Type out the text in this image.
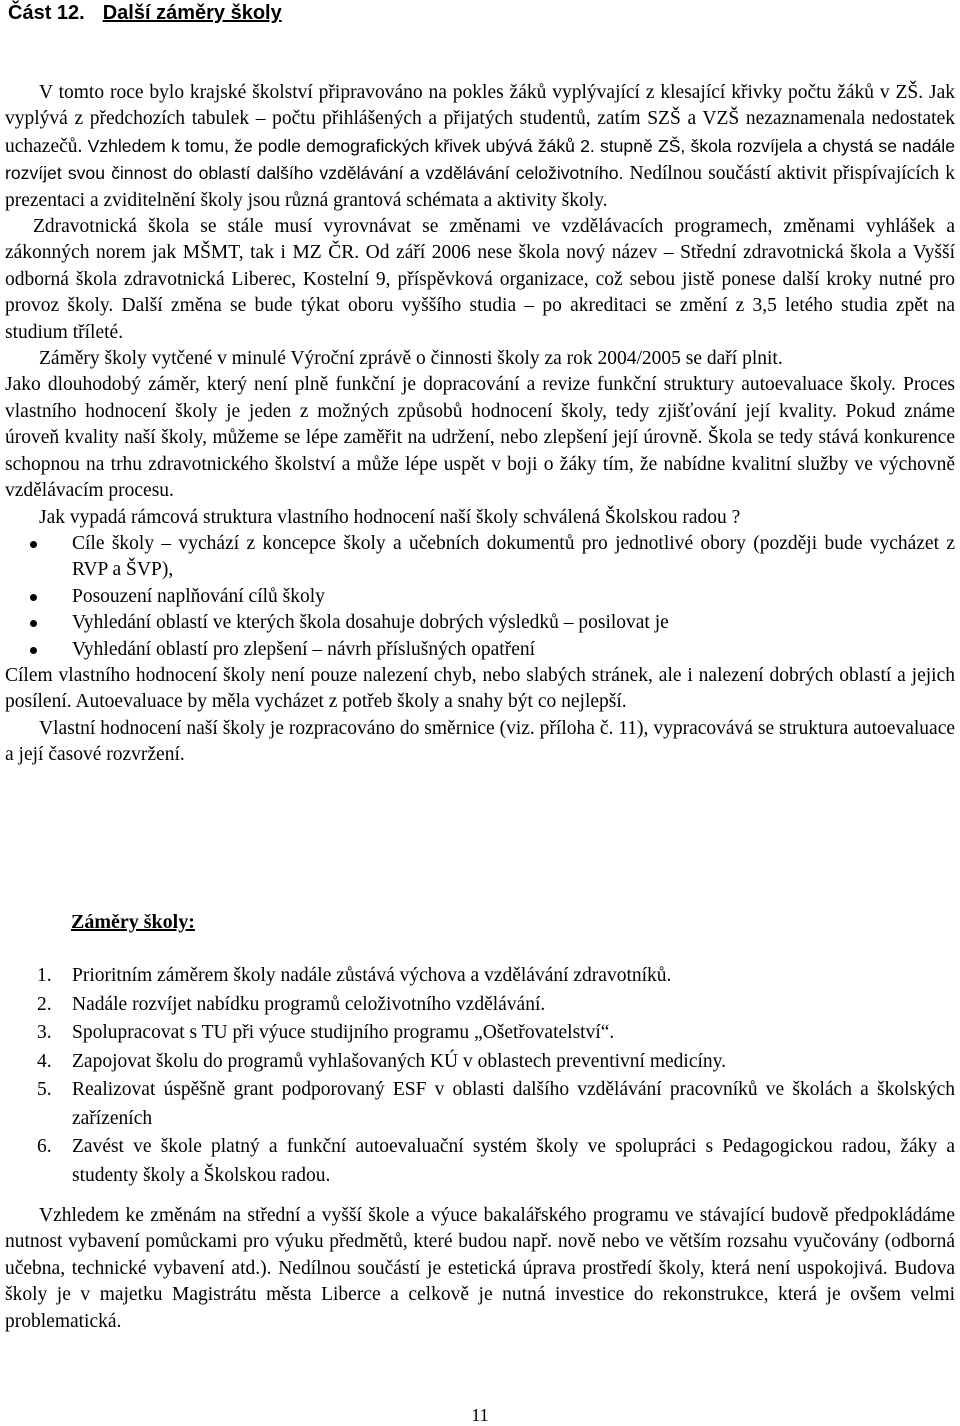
Část 12. Další záměry školy

V tomto roce bylo krajské školství připravováno na pokles žáků vyplývající z klesající křivky počtu žáků v ZŠ. Jak vyplývá z předchozích tabulek – počtu přihlášených a přijatých studentů, zatím SZŠ a VZŠ nezaznamenala nedostatek uchazečů. Vzhledem k tomu, že podle demografických křivek ubývá žáků 2. stupně ZŠ, škola rozvíjela a chystá se nadále rozvíjet svou činnost do oblastí dalšího vzdělávání a vzdělávání celoživotního. Nedílnou součástí aktivit přispívajících k prezentaci a zviditelnění školy jsou různá grantová schémata a aktivity školy.

Zdravotnická škola se stále musí vyrovnávat se změnami ve vzdělávacích programech, změnami vyhlášek a zákonných norem jak MŠMT, tak i MZ ČR. Od září 2006 nese škola nový název – Střední zdravotnická škola a Vyšší odborná škola zdravotnická Liberec, Kostelní 9, příspěvková organizace, což sebou jistě ponese další kroky nutné pro provoz školy. Další změna se bude týkat oboru vyššího studia – po akreditaci se změní z 3,5 letého studia zpět na studium tříleté.

Záměry školy vytčené v minulé Výroční zprávě o činnosti školy za rok 2004/2005 se daří plnit.

Jako dlouhodobý záměr, který není plně funkční je dopracování a revize funkční struktury autoevaluace školy. Proces vlastního hodnocení školy je jeden z možných způsobů hodnocení školy, tedy zjišťování její kvality. Pokud známe úroveň kvality naší školy, můžeme se lépe zaměřit na udržení, nebo zlepšení její úrovně. Škola se tedy stává konkurence schopnou na trhu zdravotnického školství a může lépe uspět v boji o žáky tím, že nabídne kvalitní služby ve výchovně vzdělávacím procesu.

Jak vypadá rámcová struktura vlastního hodnocení naší školy schválená Školskou radou ?

Cíle školy – vychází z koncepce školy a učebních dokumentů pro jednotlivé obory (později bude vycházet z RVP a ŠVP),
Posouzení naplňování cílů školy
Vyhledání oblastí ve kterých škola dosahuje dobrých výsledků – posilovat je
Vyhledání oblastí pro zlepšení – návrh příslušných opatření

Cílem vlastního hodnocení školy není pouze nalezení chyb, nebo slabých stránek, ale i nalezení dobrých oblastí a jejich posílení. Autoevaluace by měla vycházet z potřeb školy a snahy být co nejlepší.

Vlastní hodnocení naší školy je rozpracováno do směrnice (viz. příloha č. 11), vypracovává se struktura autoevaluace a její časové rozvržení.

Záměry školy:
1. Prioritním záměrem školy nadále zůstává výchova a vzdělávání zdravotníků.
2. Nadále rozvíjet nabídku programů celoživotního vzdělávání.
3. Spolupracovat s TU při výuce studijního programu „Ošetřovatelství“.
4. Zapojovat školu do programů vyhlašovaných KÚ v oblastech preventivní medicíny.
5. Realizovat úspěšně grant podporovaný ESF v oblasti dalšího vzdělávání pracovníků ve školách a školských zařízeních
6. Zavést ve škole platný a funkční autoevaluační systém školy ve spolupráci s Pedagogickou radou, žáky a studenty školy a Školskou radou.

Vzhledem ke změnám na střední a vyšší škole a výuce bakalářského programu ve stávající budově předpokládáme nutnost vybavení pomůckami pro výuku předmětů, které budou např. nově nebo ve větším rozsahu vyučovány (odborná učebna, technické vybavení atd.). Nedílnou součástí je estetická úprava prostředí školy, která není uspokojivá. Budova školy je v majetku Magistrátu města Liberce a celkově je nutná investice do rekonstrukce, která je ovšem velmi problematická.

11
